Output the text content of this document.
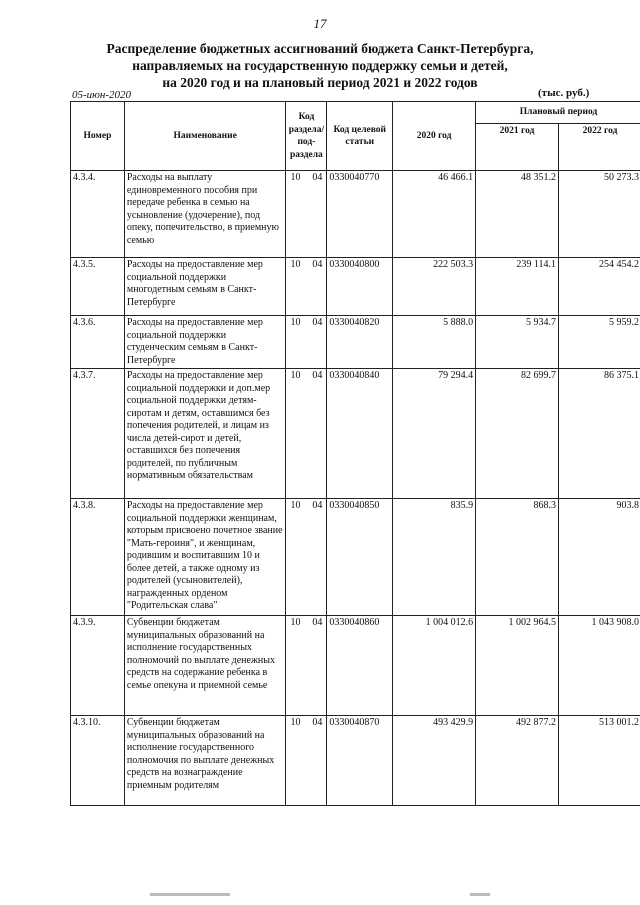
17
Распределение бюджетных ассигнований бюджета Санкт-Петербурга,
направляемых на государственную поддержку семьи и детей,
на 2020 год и на плановый период 2021 и 2022 годов
05-июн-2020	(тыс. руб.)
Номер	Наименование	Код раздела/ под-раздела	Код целевой статьи	2020 год	Плановый период	
					2021 год	2022 год
4.3.4.	Расходы на выплату единовременного пособия при передаче ребенка в семью на усыновление (удочерение), под опеку, попечительство, в приемную семью	10 04	0330040770	46 466.1	48 351.2	50 273.3
4.3.5.	Расходы на предоставление мер социальной поддержки многодетным семьям в Санкт-Петербурге	10 04	0330040800	222 503.3	239 114.1	254 454.2
4.3.6.	Расходы на предоставление мер социальной поддержки студенческим семьям в Санкт-Петербурге	10 04	0330040820	5 888.0	5 934.7	5 959.2
4.3.7.	Расходы на предоставление мер социальной поддержки и доп.мер социальной поддержки детям-сиротам и детям, оставшимся без попечения родителей, и лицам из числа детей-сирот и детей, оставшихся без попечения родителей, по публичным нормативным обязательствам	10 04	0330040840	79 294.4	82 699.7	86 375.1
4.3.8.	Расходы на предоставление мер социальной поддержки женщинам, которым присвоено почетное звание "Мать-героиня", и женщинам, родившим и воспитавшим 10 и более детей, а также одному из родителей (усыновителей), награжденных орденом "Родительская слава"	10 04	0330040850	835.9	868.3	903.8
4.3.9.	Субвенции бюджетам муниципальных образований на исполнение государственных полномочий по выплате денежных средств на содержание ребенка в семье опекуна и приемной семье	10 04	0330040860	1 004 012.6	1 002 964.5	1 043 908.0
4.3.10.	Субвенции бюджетам муниципальных образований на исполнение государственного полномочия по выплате денежных средств на вознаграждение приемным родителям	10 04	0330040870	493 429.9	492 877.2	513 001.2
